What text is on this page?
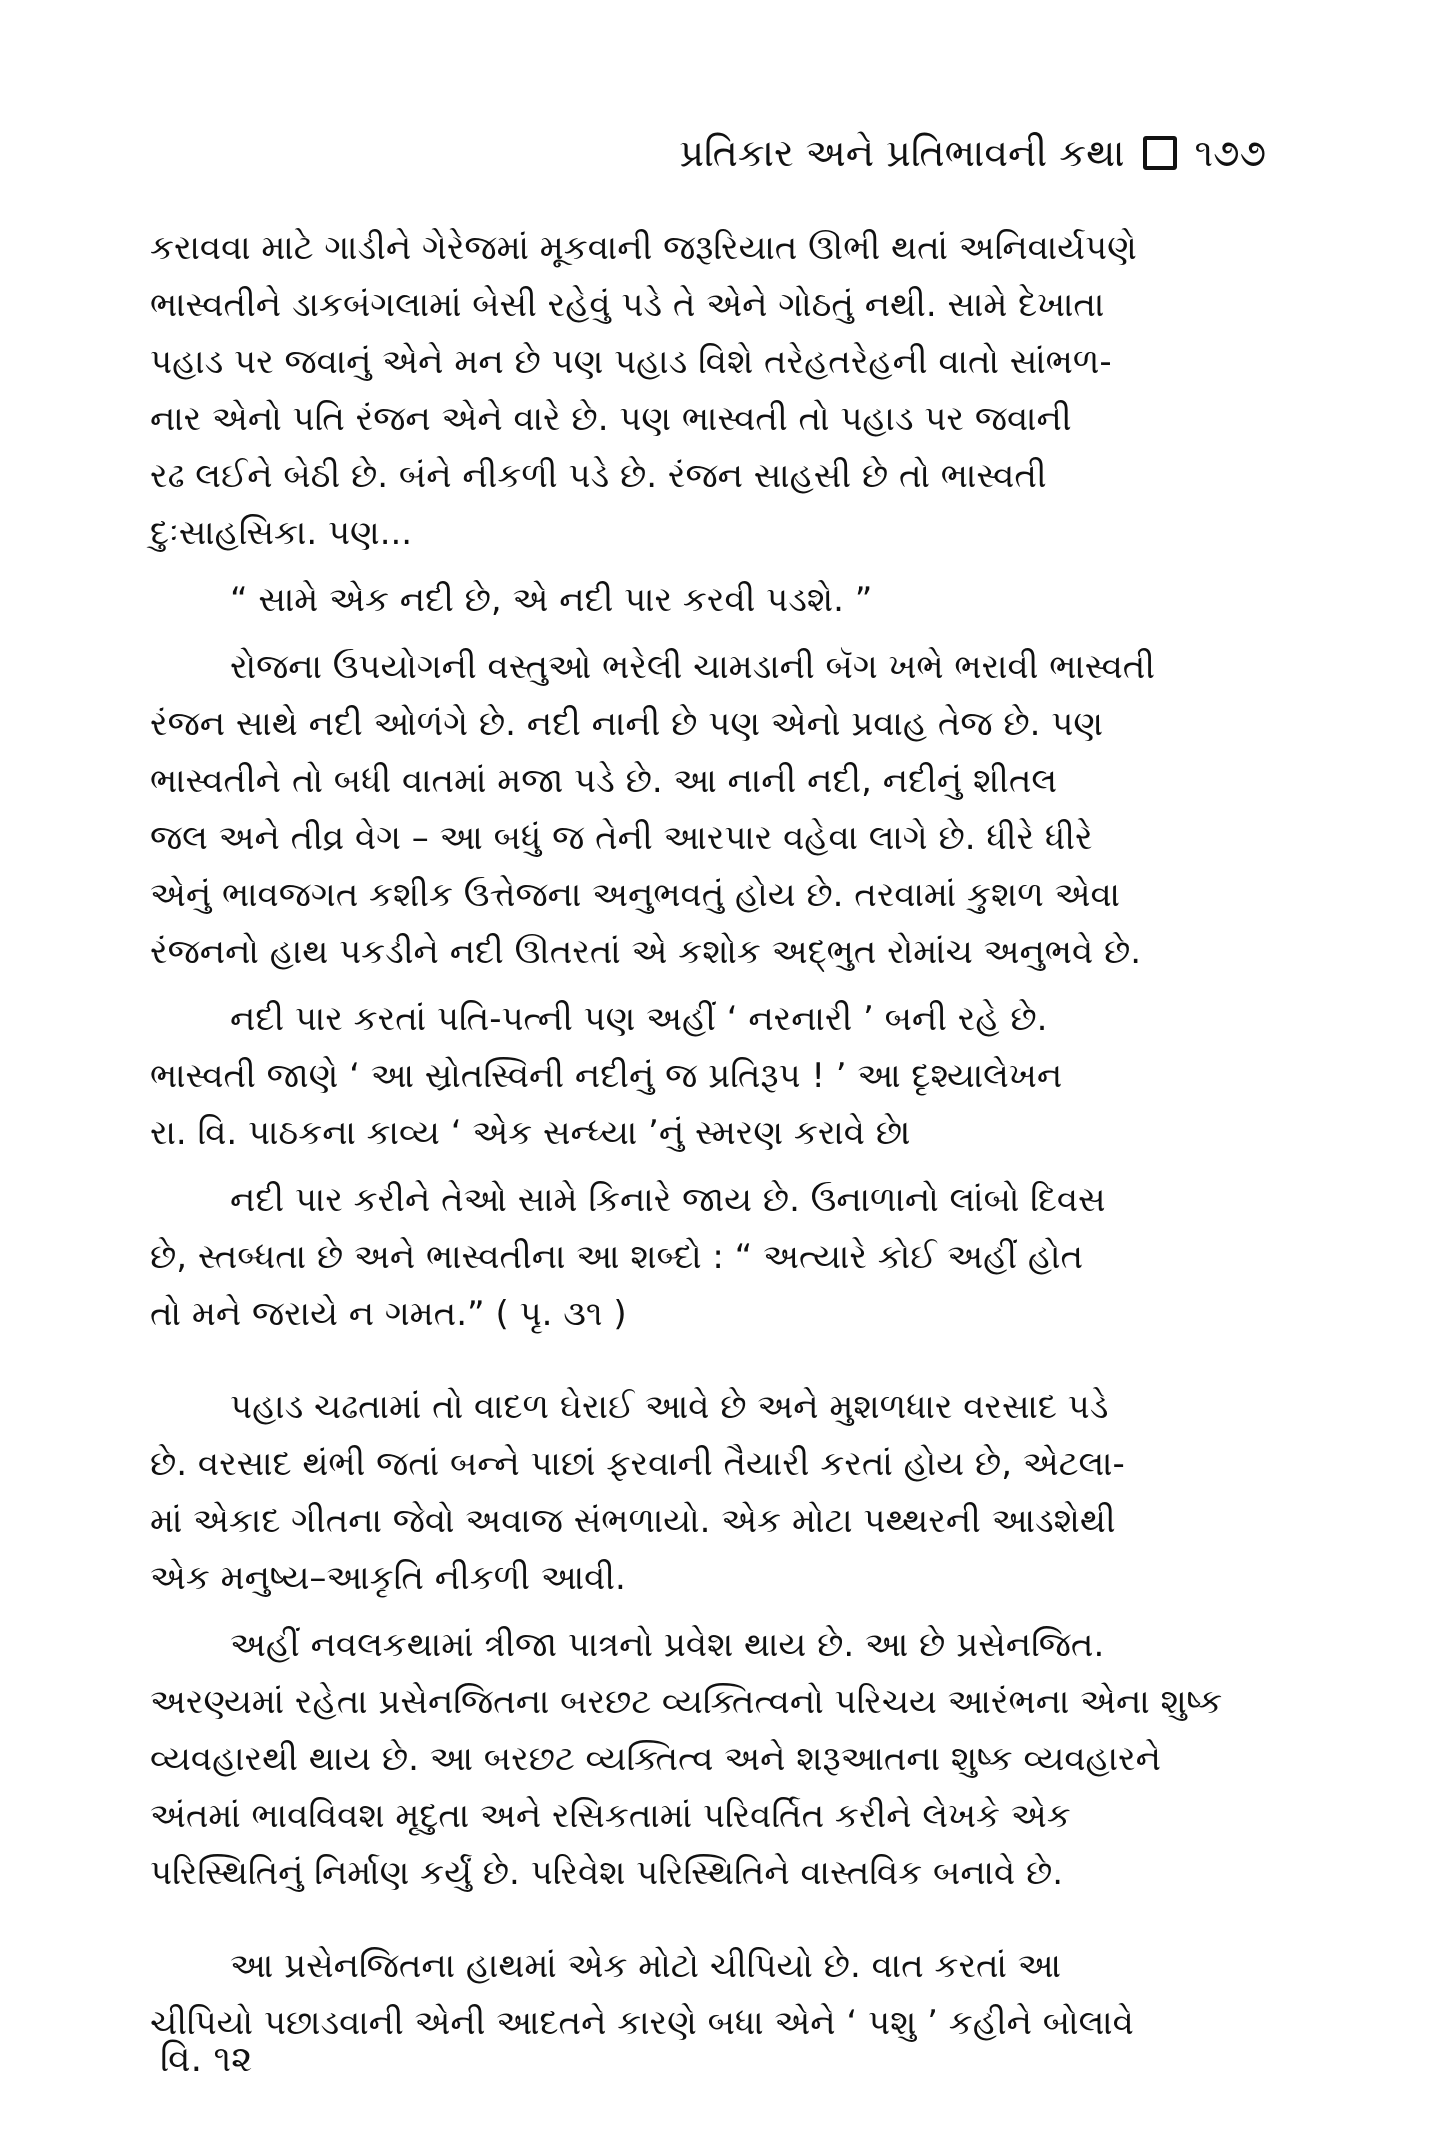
પ્રતિકાર અને પ્રતિભાવની કથા ૧૭૭

કરાવવા માટે ગાડીને ગેરેજમાં મૂકવાની જરૂરિયાત ઊભી થતાં અનિવાર્યપણે
ભાસ્વતીને ડાકબંગલામાં બેસી રહેવું પડે તે એને ગોઠતું નથી. સામે દેખાતા
પહાડ પર જવાનું એને મન છે પણ પહાડ વિશે તરેહતરેહની વાતો સાંભળ-
નાર એનો પતિ રંજન એને વારે છે. પણ ભાસ્વતી તો પહાડ પર જવાની
રઢ લઈને બેઠી છે. બંને નીકળી પડે છે. રંજન સાહસી છે તો ભાસ્વતી
દુઃસાહસિકા. પણ...

“ સામે એક નદી છે, એ નદી પાર કરવી પડશે. ”

રોજના ઉપયોગની વસ્તુઓ ભરેલી ચામડાની બૅગ ખભે ભરાવી ભાસ્વતી
રંજન સાથે નદી ઓળંગે છે. નદી નાની છે પણ એનો પ્રવાહ તેજ છે. પણ
ભાસ્વતીને તો બધી વાતમાં મજા પડે છે. આ નાની નદી, નદીનું શીતલ
જલ અને તીવ્ર વેગ – આ બધું જ તેની આરપાર વહેવા લાગે છે. ધીરે ધીરે
એનું ભાવજગત કશીક ઉત્તેજના અનુભવતું હોય છે. તરવામાં કુશળ એવા
રંજનનો હાથ પકડીને નદી ઊતરતાં એ કશોક અદ્ભુત રોમાંચ અનુભવે છે.

નદી પાર કરતાં પતિ-પત્ની પણ અહીં ‘ નરનારી ’ બની રહે છે.
ભાસ્વતી જાણે ‘ આ સ્રોતસ્વિની નદીનું જ પ્રતિરૂપ ! ’ આ દૃશ્યાલેખન
રા. વિ. પાઠકના કાવ્ય ‘ એક સન્ધ્યા ’નું સ્મરણ કરાવે છે।

નદી પાર કરીને તેઓ સામે કિનારે જાય છે. ઉનાળાનો લાંબો દિવસ
છે, સ્તબ્ધતા છે અને ભાસ્વતીના આ શબ્દો : “ અત્યારે કોઈ અહીં હોત
તો મને જરાયે ન ગમત.” ( પૃ. ૩૧ )

પહાડ ચઢતામાં તો વાદળ ઘેરાઈ આવે છે અને મુશળધાર વરસાદ પડે
છે. વરસાદ થંભી જતાં બન્ને પાછાં ફરવાની તૈયારી કરતાં હોય છે, એટલા-
માં એકાદ ગીતના જેવો અવાજ સંભળાયો. એક મોટા પથ્થરની આડશેથી
એક મનુષ્ય–આકૃતિ નીકળી આવી.

અહીં નવલકથામાં ત્રીજા પાત્રનો પ્રવેશ થાય છે. આ છે પ્રસેનજિત.
અરણ્યમાં રહેતા પ્રસેનજિતના બરછટ વ્યક્તિત્વનો પરિચય આરંભના એના શુષ્ક
વ્યવહારથી થાય છે. આ બરછટ વ્યક્તિત્વ અને શરૂઆતના શુષ્ક વ્યવહારને
અંતમાં ભાવવિવશ મૃદુતા અને રસિકતામાં પરિવર્તિત કરીને લેખકે એક
પરિસ્થિતિનું નિર્માણ કર્યું છે. પરિવેશ પરિસ્થિતિને વાસ્તવિક બનાવે છે.

આ પ્રસેનજિતના હાથમાં એક મોટો ચીપિયો છે. વાત કરતાં આ
ચીપિયો પછાડવાની એની આદતને કારણે બધા એને ‘ પશુ ’ કહીને બોલાવે

વિ. ૧૨
